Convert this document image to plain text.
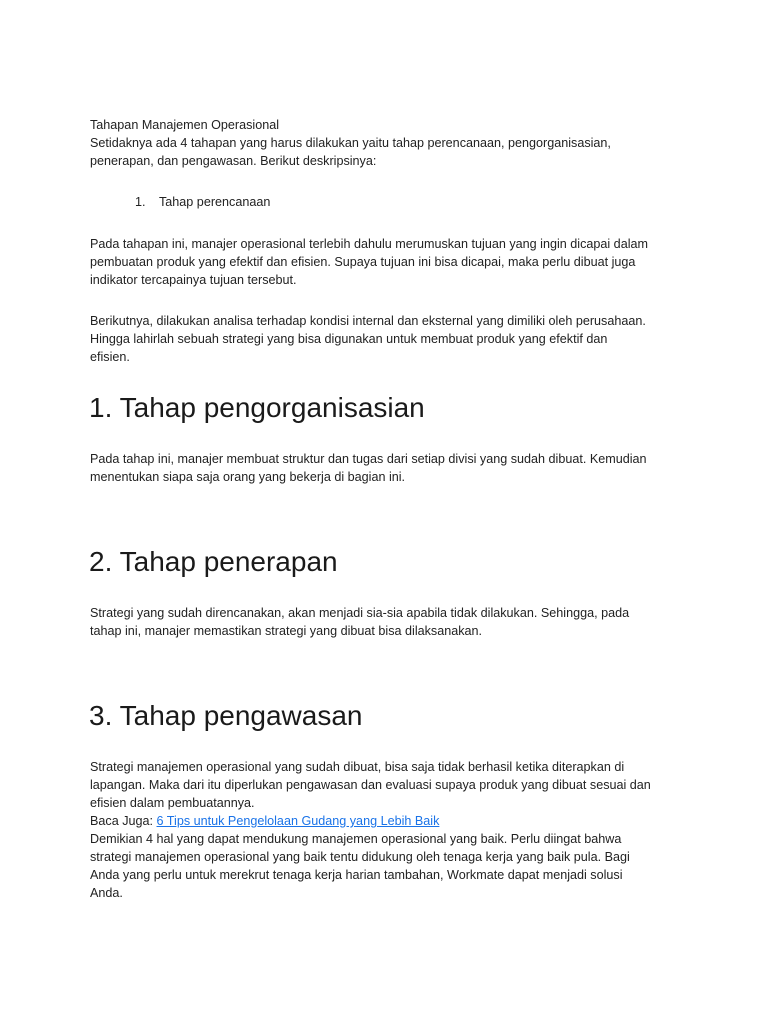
Tahapan Manajemen Operasional
Setidaknya ada 4 tahapan yang harus dilakukan yaitu tahap perencanaan, pengorganisasian,
penerapan, dan pengawasan. Berikut deskripsinya:
1. Tahap perencanaan
Pada tahapan ini, manajer operasional terlebih dahulu merumuskan tujuan yang ingin dicapai dalam
pembuatan produk yang efektif dan efisien. Supaya tujuan ini bisa dicapai, maka perlu dibuat juga
indikator tercapainya tujuan tersebut.
Berikutnya, dilakukan analisa terhadap kondisi internal dan eksternal yang dimiliki oleh perusahaan.
Hingga lahirlah sebuah strategi yang bisa digunakan untuk membuat produk yang efektif dan
efisien.
1. Tahap pengorganisasian
Pada tahap ini, manajer membuat struktur dan tugas dari setiap divisi yang sudah dibuat. Kemudian
menentukan siapa saja orang yang bekerja di bagian ini.
2. Tahap penerapan
Strategi yang sudah direncanakan, akan menjadi sia-sia apabila tidak dilakukan. Sehingga, pada
tahap ini, manajer memastikan strategi yang dibuat bisa dilaksanakan.
3. Tahap pengawasan
Strategi manajemen operasional yang sudah dibuat, bisa saja tidak berhasil ketika diterapkan di
lapangan. Maka dari itu diperlukan pengawasan dan evaluasi supaya produk yang dibuat sesuai dan
efisien dalam pembuatannya.
Baca Juga: 6 Tips untuk Pengelolaan Gudang yang Lebih Baik
Demikian 4 hal yang dapat mendukung manajemen operasional yang baik. Perlu diingat bahwa
strategi manajemen operasional yang baik tentu didukung oleh tenaga kerja yang baik pula. Bagi
Anda yang perlu untuk merekrut tenaga kerja harian tambahan, Workmate dapat menjadi solusi
Anda.
